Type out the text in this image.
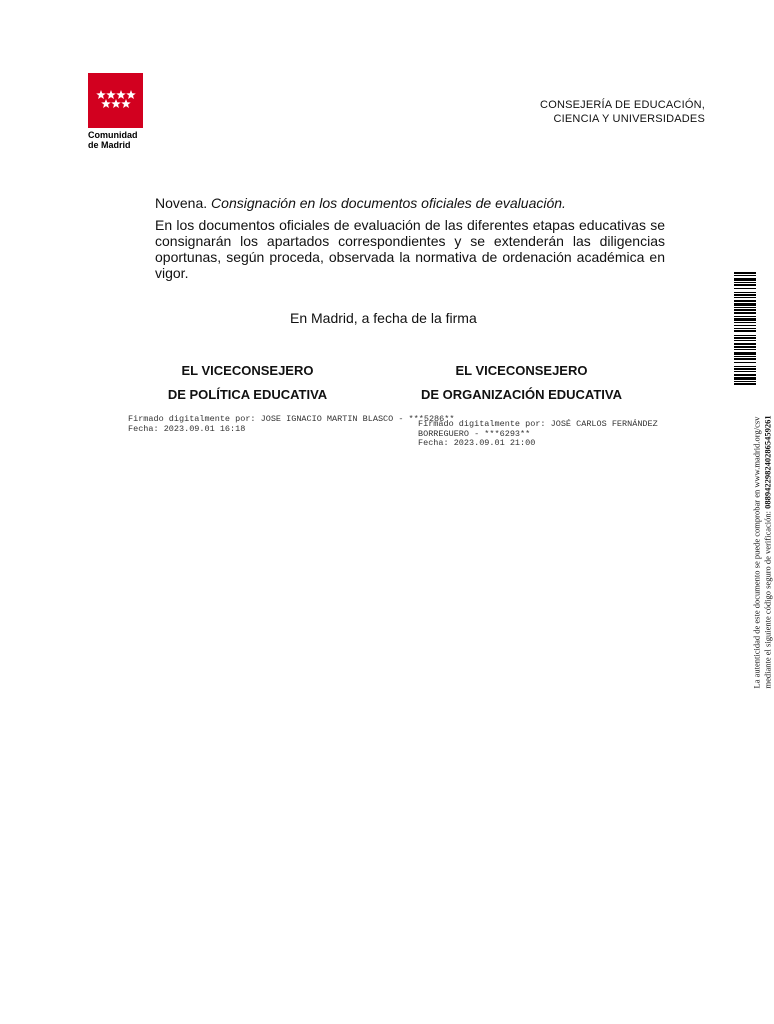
Comunidad
de Madrid
CONSEJERÍA DE EDUCACIÓN,
CIENCIA Y UNIVERSIDADES
Novena. Consignación en los documentos oficiales de evaluación.
En los documentos oficiales de evaluación de las diferentes etapas educativas se consignarán los apartados correspondientes y se extenderán las diligencias oportunas, según proceda, observada la normativa de ordenación académica en vigor.
En Madrid, a fecha de la firma
EL VICECONSEJERO
DE POLÍTICA EDUCATIVA
EL VICECONSEJERO
DE ORGANIZACIÓN EDUCATIVA
Firmado digitalmente por: JOSE IGNACIO MARTIN BLASCO - ***5286**
Fecha: 2023.09.01 16:18	Firmado digitalmente por: JOSÉ CARLOS FERNÁNDEZ
BORREGUERO - ***6293**
Fecha: 2023.09.01 21:00	La autenticidad de este documento se puede comprobar en www.madrid.org/csv mediante el siguiente código seguro de verificación: 0889422982402865459261
